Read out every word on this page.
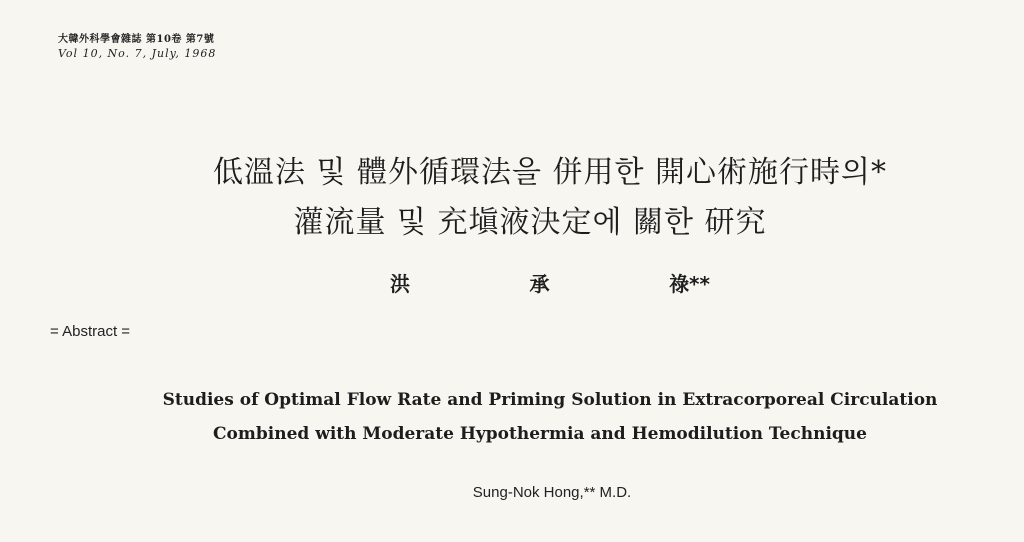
大韓外科學會雜誌 第10卷 第7號
Vol 10, No. 7, July, 1968
低溫法 및 體外循環法을 併用한 開心術施行時의*
灌流量 및 充塡液決定에 關한 研究
洪	承	祿**
= Abstract =
Studies of Optimal Flow Rate and Priming Solution in Extracorporeal Circulation
Combined with Moderate Hypothermia and Hemodilution Technique
Sung-Nok Hong,** M.D.
